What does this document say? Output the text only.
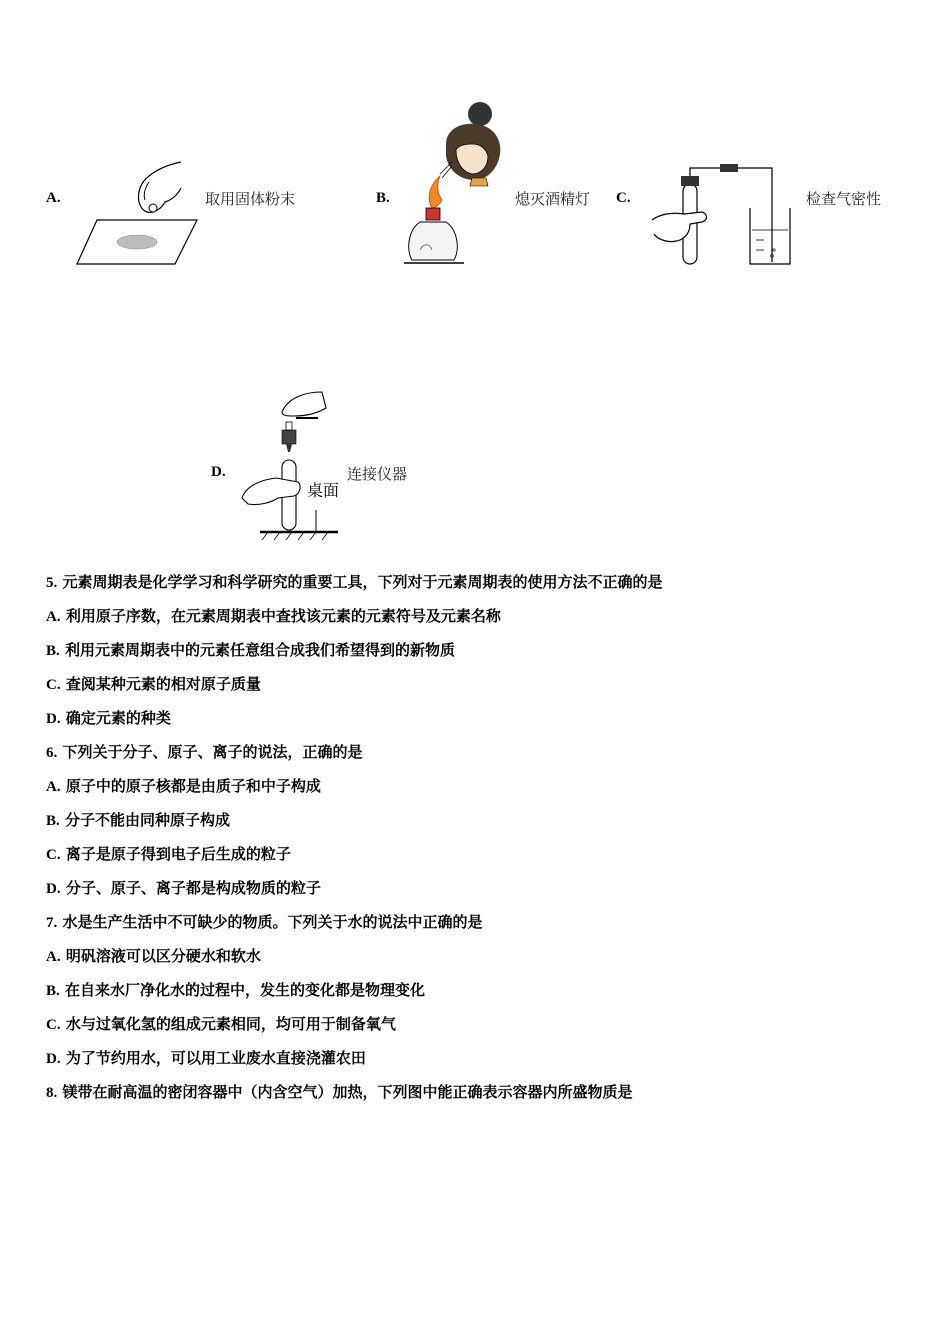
A.	取用固体粉末	B.	熄灭酒精灯 C.	检查气密性
D.
桌面
连接仪器
5. 元素周期表是化学学习和科学研究的重要工具，下列对于元素周期表的使用方法不正确的是
A. 利用原子序数，在元素周期表中查找该元素的元素符号及元素名称
B. 利用元素周期表中的元素任意组合成我们希望得到的新物质
C. 查阅某种元素的相对原子质量
D. 确定元素的种类
6. 下列关于分子、原子、离子的说法，正确的是
A. 原子中的原子核都是由质子和中子构成
B. 分子不能由同种原子构成
C. 离子是原子得到电子后生成的粒子
D. 分子、原子、离子都是构成物质的粒子
7. 水是生产生活中不可缺少的物质。下列关于水的说法中正确的是
A. 明矾溶液可以区分硬水和软水
B. 在自来水厂净化水的过程中，发生的变化都是物理变化
C. 水与过氧化氢的组成元素相同，均可用于制备氧气
D. 为了节约用水，可以用工业废水直接浇灌农田
8. 镁带在耐高温的密闭容器中（内含空气）加热，下列图中能正确表示容器内所盛物质是
